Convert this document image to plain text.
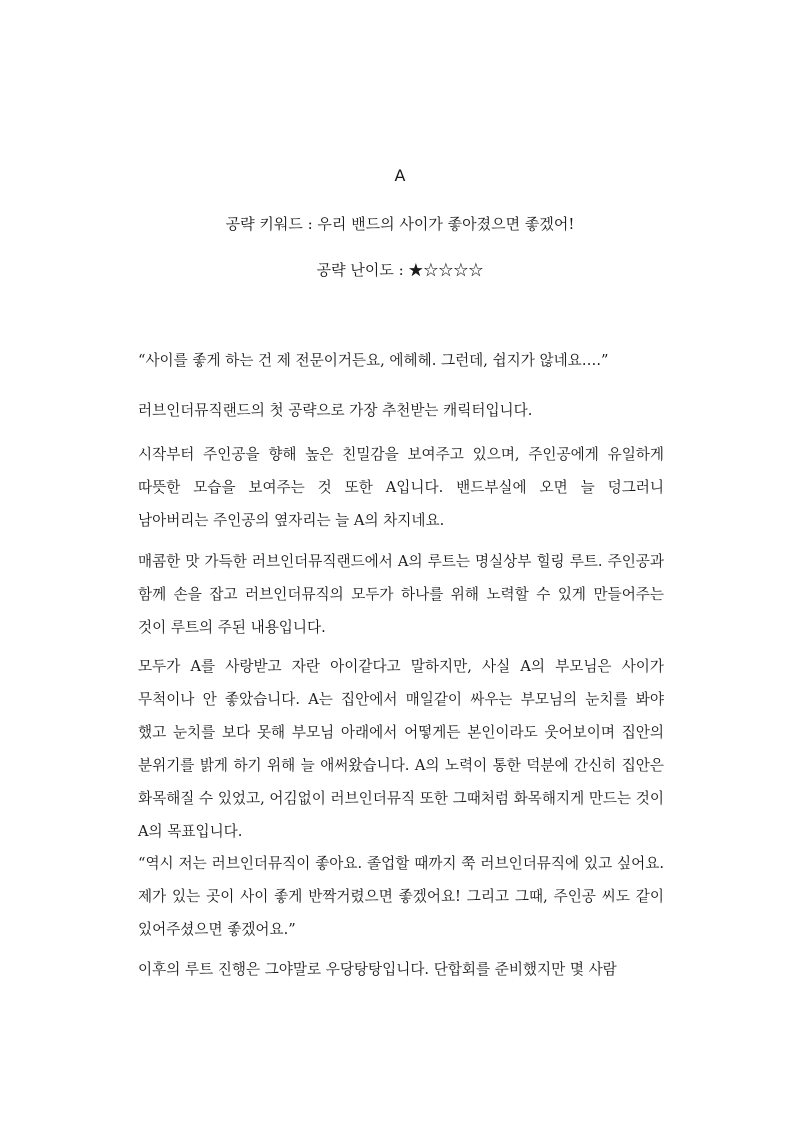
A
공략 키워드 : 우리 밴드의 사이가 좋아졌으면 좋겠어!
공략 난이도 : ★☆☆☆☆

“사이를 좋게 하는 건 제 전문이거든요, 에헤헤. 그런데, 쉽지가 않네요….”

러브인더뮤직랜드의 첫 공략으로 가장 추천받는 캐릭터입니다.

시작부터 주인공을 향해 높은 친밀감을 보여주고 있으며, 주인공에게 유일하게 따뜻한 모습을 보여주는 것 또한 A입니다. 밴드부실에 오면 늘 덩그러니 남아버리는 주인공의 옆자리는 늘 A의 차지네요.

매콤한 맛 가득한 러브인더뮤직랜드에서 A의 루트는 명실상부 힐링 루트. 주인공과 함께 손을 잡고 러브인더뮤직의 모두가 하나를 위해 노력할 수 있게 만들어주는 것이 루트의 주된 내용입니다.

모두가 A를 사랑받고 자란 아이같다고 말하지만, 사실 A의 부모님은 사이가 무척이나 안 좋았습니다. A는 집안에서 매일같이 싸우는 부모님의 눈치를 봐야 했고 눈치를 보다 못해 부모님 아래에서 어떻게든 본인이라도 웃어보이며 집안의 분위기를 밝게 하기 위해 늘 애써왔습니다. A의 노력이 통한 덕분에 간신히 집안은 화목해질 수 있었고, 어김없이 러브인더뮤직 또한 그때처럼 화목해지게 만드는 것이 A의 목표입니다.

“역시 저는 러브인더뮤직이 좋아요. 졸업할 때까지 쭉 러브인더뮤직에 있고 싶어요. 제가 있는 곳이 사이 좋게 반짝거렸으면 좋겠어요! 그리고 그때, 주인공 씨도 같이 있어주셨으면 좋겠어요.”

이후의 루트 진행은 그야말로 우당탕탕입니다. 단합회를 준비했지만 몇 사람
